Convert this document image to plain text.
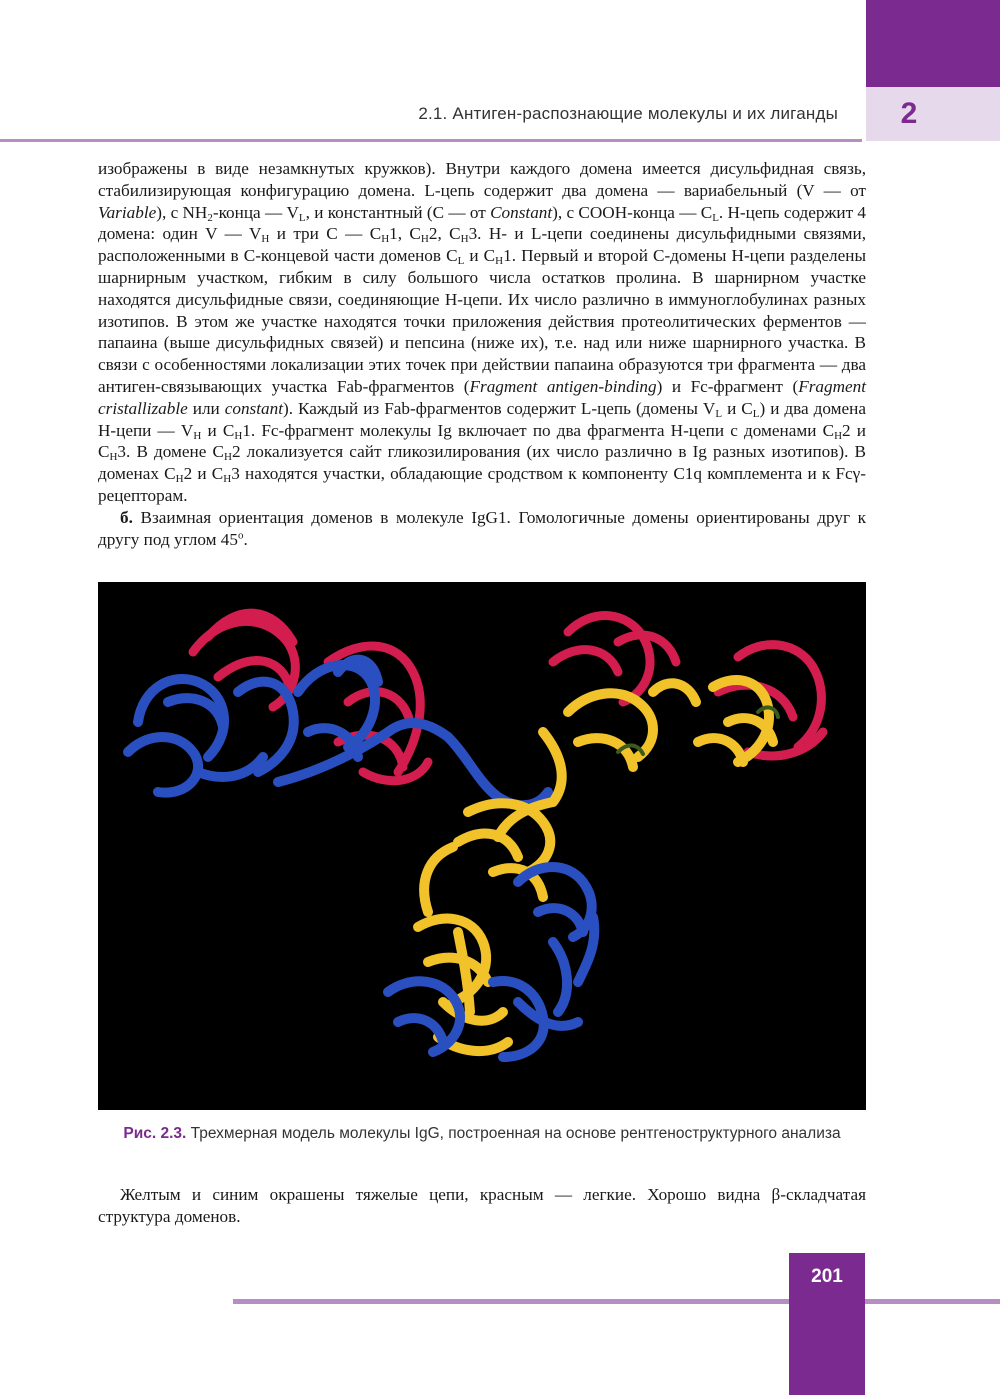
2
2.1. Антиген-распознающие молекулы и их лиганды

изображены в виде незамкнутых кружков). Внутри каждого домена имеется дисульфидная связь, стабилизирующая конфигурацию домена. L-цепь содержит два домена — вариабельный (V — от Variable), с $NH_2$-конца — $V_L$, и константный (С — от Constant), с COOH-конца — $С_L$. Н-цепь содержит 4 домена: один V — $V_H$ и три С — $С_H1$, $С_H2$, $С_H3$. Н- и L-цепи соединены дисульфидными связями, расположенными в С-концевой части доменов $С_L$ и $С_H1$. Первый и второй С-домены Н-цепи разделены шарнирным участком, гибким в силу большого числа остатков пролина. В шарнирном участке находятся дисульфидные связи, соединяющие Н-цепи. Их число различно в иммуноглобулинах разных изотипов. В этом же участке находятся точки приложения действия протеолитических ферментов — папаина (выше дисульфидных связей) и пепсина (ниже их), т.е. над или ниже шарнирного участка. В связи с особенностями локализации этих точек при действии папаина образуются три фрагмента — два антиген-связывающих участка Fab-фрагментов (Fragment antigen-binding) и Fc-фрагмент (Fragment cristallizable или constant). Каждый из Fab-фрагментов содержит L-цепь (домены $V_L$ и $С_L$) и два домена Н-цепи — $V_H$ и $С_H1$. Fc-фрагмент молекулы Ig включает по два фрагмента Н-цепи с доменами $С_H2$ и $С_H3$. В домене $С_H2$ локализуется сайт гликозилирования (их число различно в Ig разных изотипов). В доменах $С_H2$ и $С_H3$ находятся участки, обладающие сродством к компоненту С1q комплемента и к Fcγ-рецепторам.

б. Взаимная ориентация доменов в молекуле IgG1. Гомологичные домены ориентированы друг к другу под углом $45^о$.

Рис. 2.3. Трехмерная модель молекулы IgG, построенная на основе рентгеноструктурного анализа
Желтым и синим окрашены тяжелые цепи, красным — легкие. Хорошо видна β-складчатая структура доменов.
201
